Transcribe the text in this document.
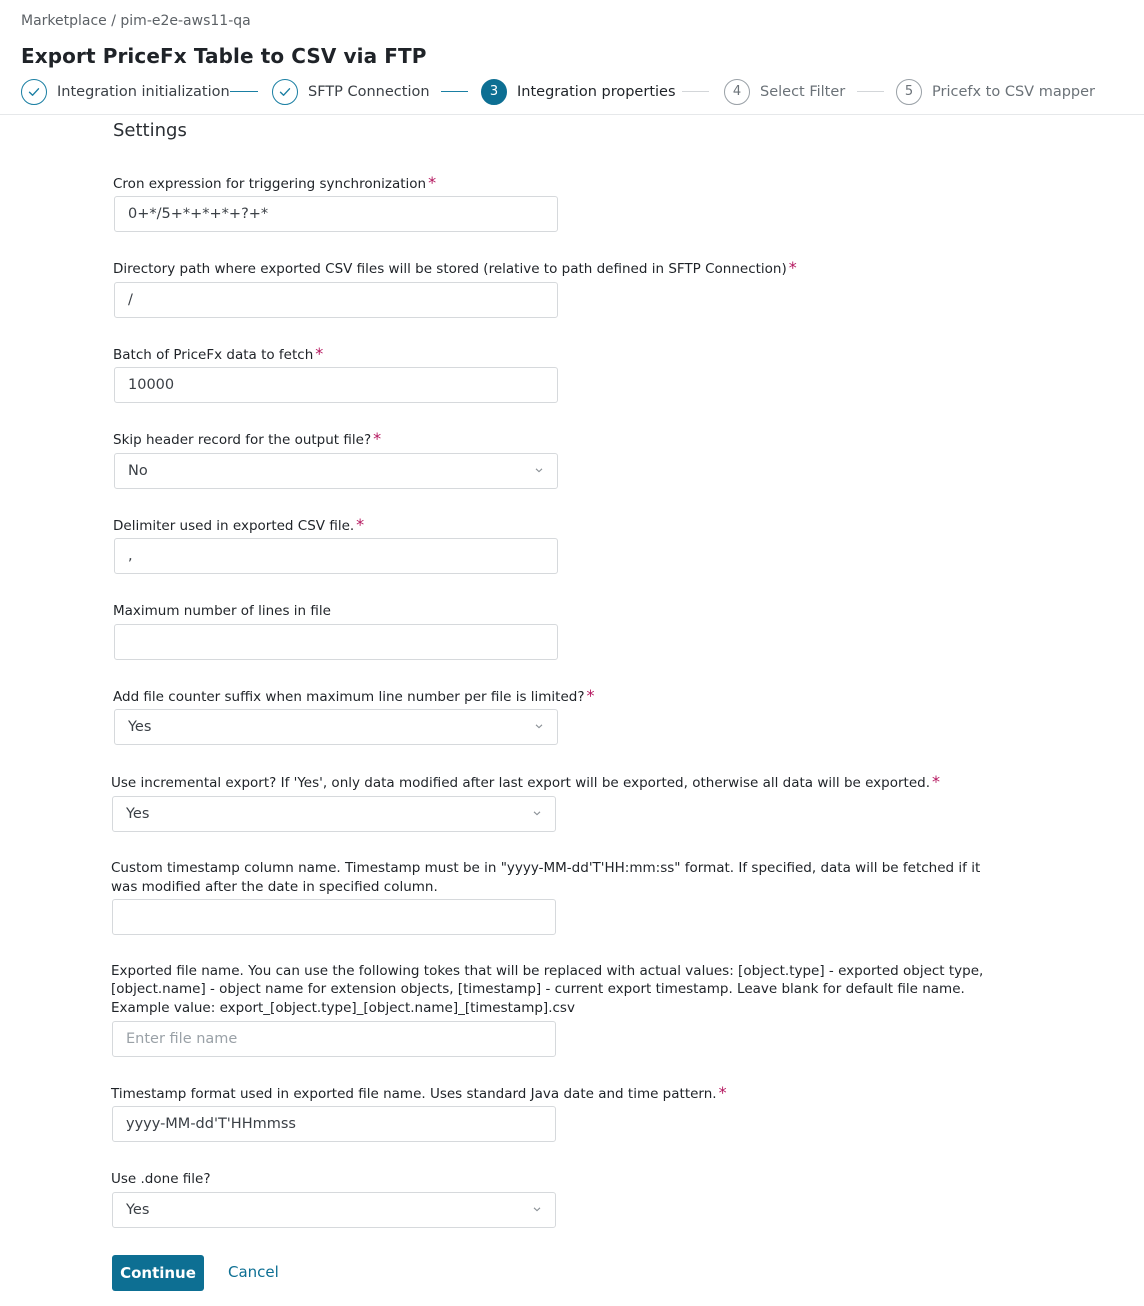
Marketplace / pim-e2e-aws11-qa
Export PriceFx Table to CSV via FTP
Integration initialization	SFTP Connection	3	Integration properties	4	Select Filter	5	Pricefx to CSV mapper
Settings
Cron expression for triggering synchronization *
0+*/5+*+*+*+?+*
Directory path where exported CSV files will be stored (relative to path defined in SFTP Connection) *
/
Batch of PriceFx data to fetch *
10000
Skip header record for the output file? *
No
Delimiter used in exported CSV file. *
,
Maximum number of lines in file
Add file counter suffix when maximum line number per file is limited? *
Yes
Use incremental export? If 'Yes', only data modified after last export will be exported, otherwise all data will be exported. *
Yes
Custom timestamp column name. Timestamp must be in "yyyy-MM-dd'T'HH:mm:ss" format. If specified, data will be fetched if it was modified after the date in specified column.
Exported file name. You can use the following tokes that will be replaced with actual values: [object.type] - exported object type, [object.name] - object name for extension objects, [timestamp] - current export timestamp. Leave blank for default file name. Example value: export_[object.type]_[object.name]_[timestamp].csv
Enter file name
Timestamp format used in exported file name. Uses standard Java date and time pattern. *
yyyy-MM-dd'T'HHmmss
Use .done file?
Yes
Continue	Cancel
